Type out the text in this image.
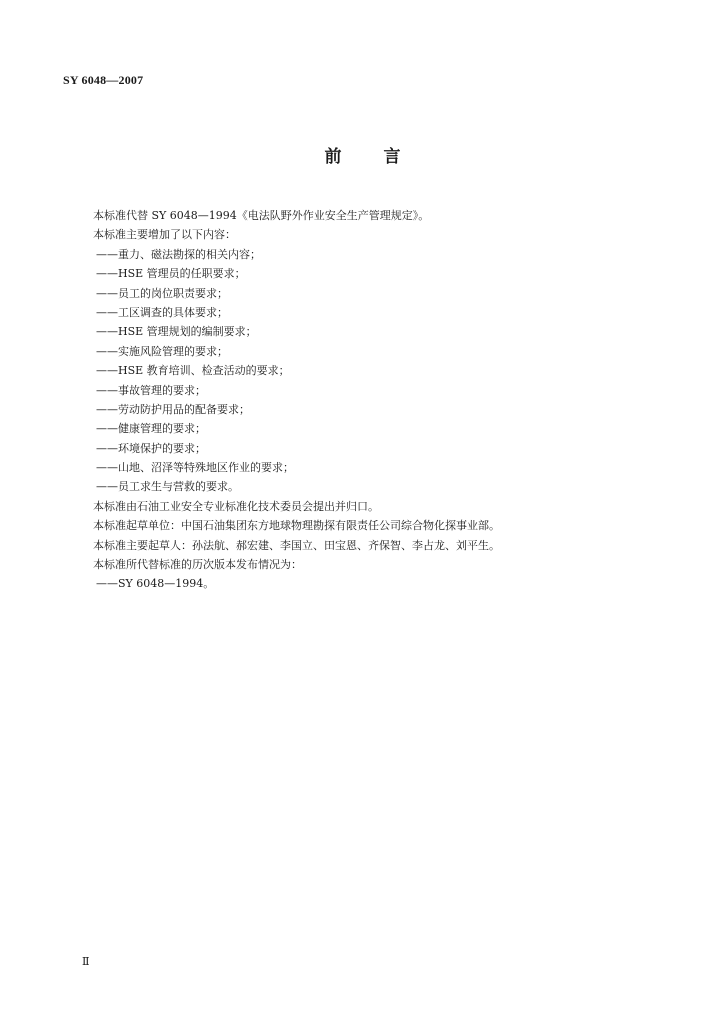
SY 6048—2007
前言
本标准代替 SY 6048—1994《电法队野外作业安全生产管理规定》。
本标准主要增加了以下内容：
——重力、磁法勘探的相关内容；
——HSE 管理员的任职要求；
——员工的岗位职责要求；
——工区调查的具体要求；
——HSE 管理规划的编制要求；
——实施风险管理的要求；
——HSE 教育培训、检查活动的要求；
——事故管理的要求；
——劳动防护用品的配备要求；
——健康管理的要求；
——环境保护的要求；
——山地、沼泽等特殊地区作业的要求；
——员工求生与营救的要求。
本标准由石油工业安全专业标准化技术委员会提出并归口。
本标准起草单位：中国石油集团东方地球物理勘探有限责任公司综合物化探事业部。
本标准主要起草人：孙法航、郝宏建、李国立、田宝恩、齐保智、李占龙、刘平生。
本标准所代替标准的历次版本发布情况为：
——SY 6048—1994。
Ⅱ
